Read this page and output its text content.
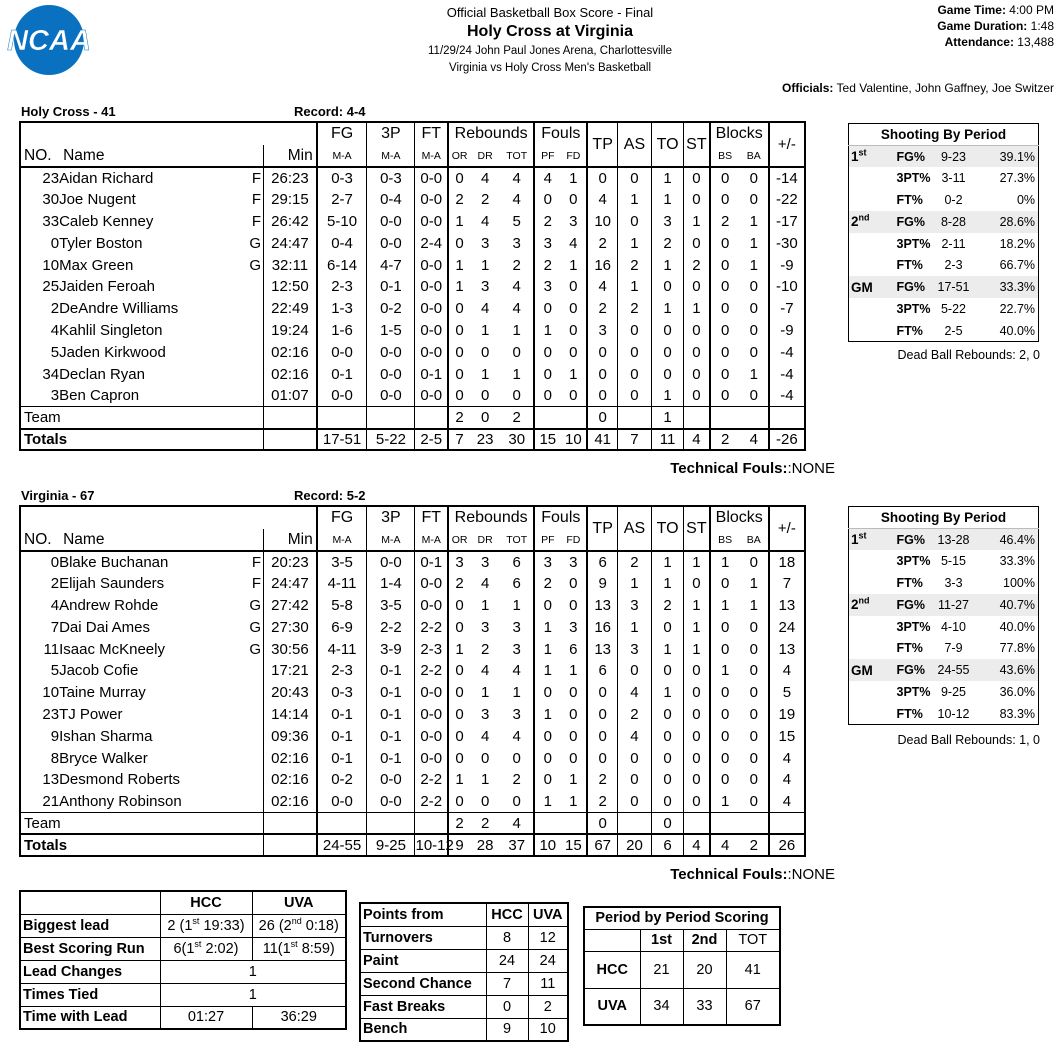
NCAA
Official Basketball Box Score - Final
Holy Cross at Virginia
11/29/24 John Paul Jones Arena, Charlottesville
Virginia vs Holy Cross Men's Basketball
Game Time: 4:00 PM
Game Duration: 1:48
Attendance: 13,488
Officials: Ted Valentine, John Gaffney, Joe Switzer
Holy Cross - 41	Record: 4-4
			FG	3P	FT	Rebounds			Fouls		TP	AS	TO	ST	Blocks		+/-
NO.	Name	Min	M-A	M-A	M-A	OR	DR	TOT	PF	FD					BS	BA	
23	Aidan Richard F	26:23	0-3	0-3	0-0	0	4	4	4	1	0	0	1	0	0	0	-14
30	Joe Nugent F	29:15	2-7	0-4	0-0	2	2	4	0	0	4	1	1	0	0	0	-22
33	Caleb Kenney F	26:42	5-10	0-0	0-0	1	4	5	2	3	10	0	3	1	2	1	-17
0	Tyler Boston G	24:47	0-4	0-0	2-4	0	3	3	3	4	2	1	2	0	0	1	-30
10	Max Green G	32:11	6-14	4-7	0-0	1	1	2	2	1	16	2	1	2	0	1	-9
25	Jaiden Feroah	12:50	2-3	0-1	0-0	1	3	4	3	0	4	1	0	0	0	0	-10
2	DeAndre Williams	22:49	1-3	0-2	0-0	0	4	4	0	0	2	2	1	1	0	0	-7
4	Kahlil Singleton	19:24	1-6	1-5	0-0	0	1	1	1	0	3	0	0	0	0	0	-9
5	Jaden Kirkwood	02:16	0-0	0-0	0-0	0	0	0	0	0	0	0	0	0	0	0	-4
34	Declan Ryan	02:16	0-1	0-0	0-1	0	1	1	0	1	0	0	0	0	0	1	-4
3	Ben Capron	01:07	0-0	0-0	0-0	0	0	0	0	0	0	0	1	0	0	0	-4
Team						2	0	2			0		1				
Totals			17-51	5-22	2-5	7	23	30	15	10	41	7	11	4	2	4	-26
Technical Fouls::NONE
Shooting By Period			
1st	FG%	9-23	39.1%
	3PT%	3-11	27.3%
	FT%	0-2	0%
2nd	FG%	8-28	28.6%
	3PT%	2-11	18.2%
	FT%	2-3	66.7%
GM	FG%	17-51	33.3%
	3PT%	5-22	22.7%
	FT%	2-5	40.0%
Dead Ball Rebounds: 2, 0
Virginia - 67	Record: 5-2
			FG	3P	FT	Rebounds			Fouls		TP	AS	TO	ST	Blocks		+/-
NO.	Name	Min	M-A	M-A	M-A	OR	DR	TOT	PF	FD					BS	BA	
0	Blake Buchanan F	20:23	3-5	0-0	0-1	3	3	6	3	3	6	2	1	1	1	0	18
2	Elijah Saunders F	24:47	4-11	1-4	0-0	2	4	6	2	0	9	1	1	0	0	1	7
4	Andrew Rohde G	27:42	5-8	3-5	0-0	0	1	1	0	0	13	3	2	1	1	1	13
7	Dai Dai Ames G	27:30	6-9	2-2	2-2	0	3	3	1	3	16	1	0	1	0	0	24
11	Isaac McKneely G	30:56	4-11	3-9	2-3	1	2	3	1	6	13	3	1	1	0	0	13
5	Jacob Cofie	17:21	2-3	0-1	2-2	0	4	4	1	1	6	0	0	0	1	0	4
10	Taine Murray	20:43	0-3	0-1	0-0	0	1	1	0	0	0	4	1	0	0	0	5
23	TJ Power	14:14	0-1	0-1	0-0	0	3	3	1	0	0	2	0	0	0	0	19
9	Ishan Sharma	09:36	0-1	0-1	0-0	0	4	4	0	0	0	4	0	0	0	0	15
8	Bryce Walker	02:16	0-1	0-1	0-0	0	0	0	0	0	0	0	0	0	0	0	4
13	Desmond Roberts	02:16	0-2	0-0	2-2	1	1	2	0	1	2	0	0	0	0	0	4
21	Anthony Robinson	02:16	0-0	0-0	2-2	0	0	0	1	1	2	0	0	0	1	0	4
Team						2	2	4			0		0				
Totals			24-55	9-25	10-12	9	28	37	10	15	67	20	6	4	4	2	26
Technical Fouls::NONE
Shooting By Period			
1st	FG%	13-28	46.4%
	3PT%	5-15	33.3%
	FT%	3-3	100%
2nd	FG%	11-27	40.7%
	3PT%	4-10	40.0%
	FT%	7-9	77.8%
GM	FG%	24-55	43.6%
	3PT%	9-25	36.0%
	FT%	10-12	83.3%
Dead Ball Rebounds: 1, 0
	HCC	UVA
Biggest lead	2 (1st 19:33)	26 (2nd 0:18)
Best Scoring Run	6(1st 2:02)	11(1st 8:59)
Lead Changes	1	
Times Tied	1	
Time with Lead	01:27	36:29
Points from	HCC	UVA
Turnovers	8	12
Paint	24	24
Second Chance	7	11
Fast Breaks	0	2
Bench	9	10
Period by Period Scoring			
	1st	2nd	TOT
HCC	21	20	41
UVA	34	33	67
